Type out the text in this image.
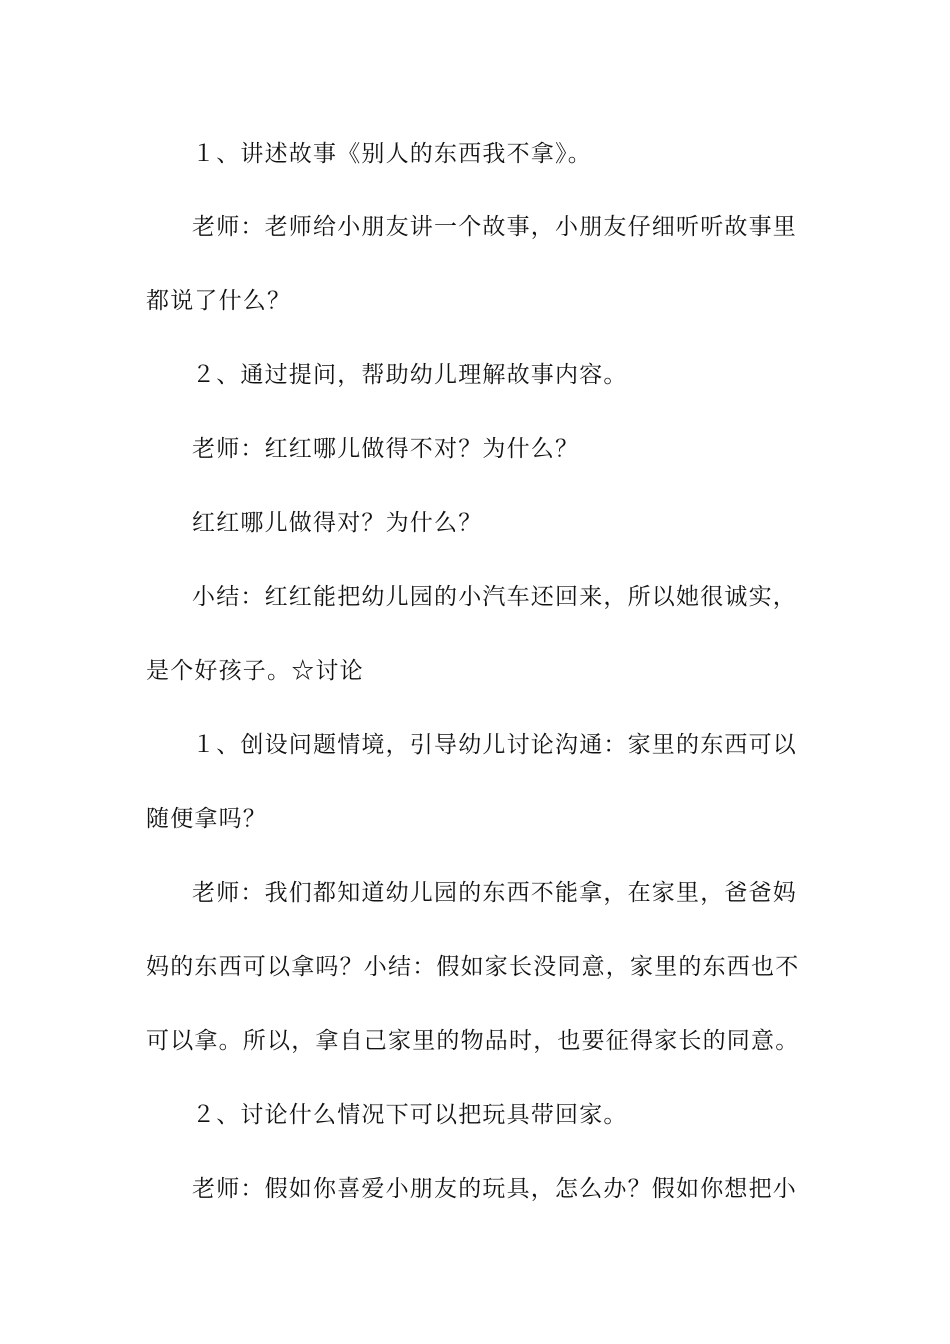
１、讲述故事《别人的东西我不拿》。
老师：老师给小朋友讲一个故事，小朋友仔细听听故事里
都说了什么？
２、通过提问，帮助幼儿理解故事内容。
老师：红红哪儿做得不对？为什么？
红红哪儿做得对？为什么？
小结：红红能把幼儿园的小汽车还回来，所以她很诚实，
是个好孩子。☆讨论
１、创设问题情境，引导幼儿讨论沟通：家里的东西可以
随便拿吗？
老师：我们都知道幼儿园的东西不能拿，在家里，爸爸妈
妈的东西可以拿吗？小结：假如家长没同意，家里的东西也不
可以拿。所以，拿自己家里的物品时，也要征得家长的同意。
２、讨论什么情况下可以把玩具带回家。
老师：假如你喜爱小朋友的玩具，怎么办？假如你想把小
